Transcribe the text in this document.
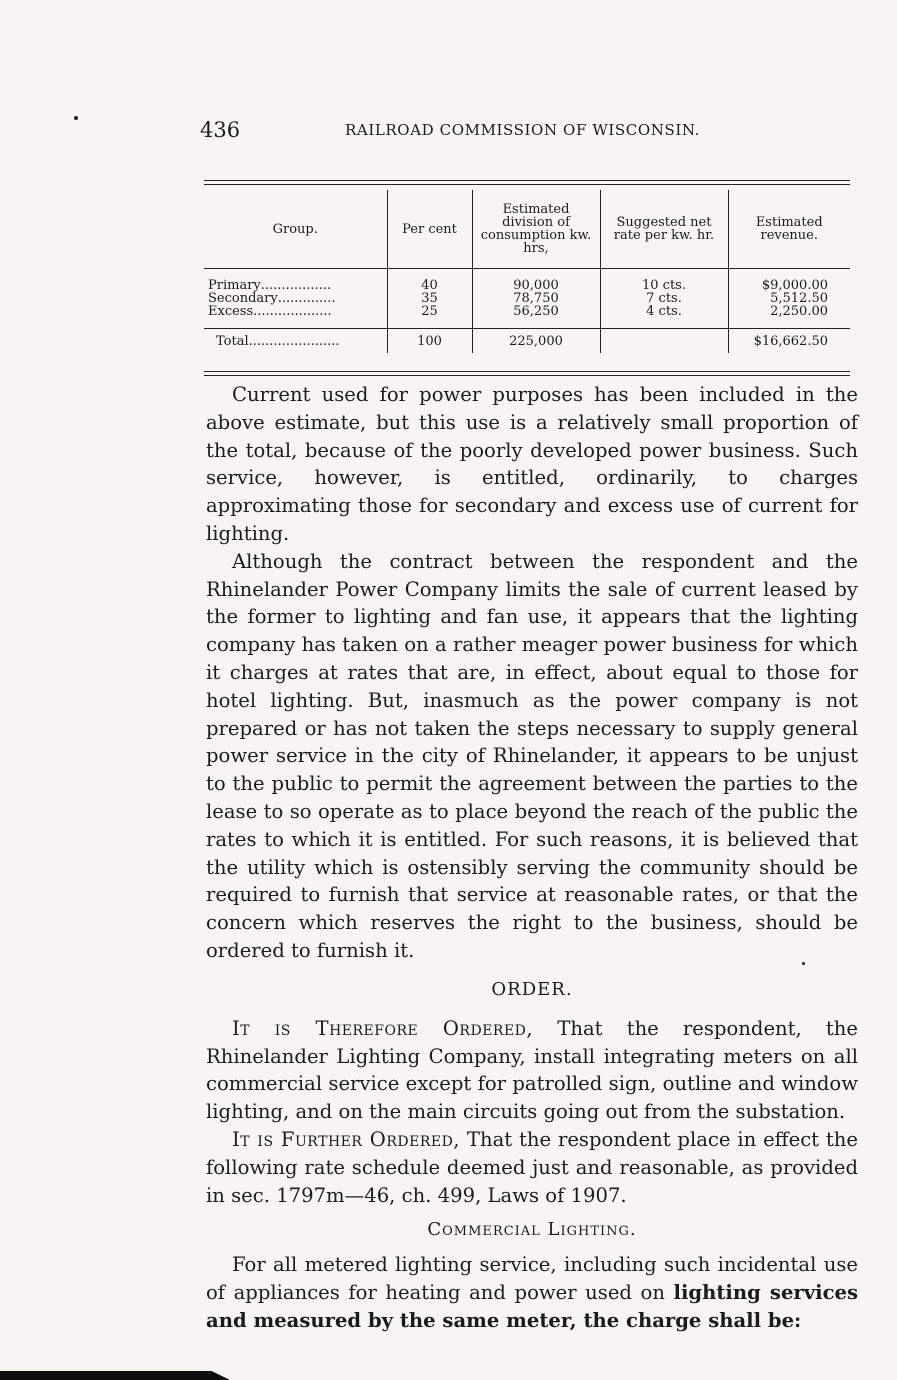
436	RAILROAD COMMISSION OF WISCONSIN.
Group.	Per cent	Estimated division of consumption kw. hrs,	Suggested net rate per kw. hr.	Estimated revenue.

Primary.................	40	90,000	10 cts.	$9,000.00
Secondary..............	35	78,750	7 cts.	5,512.50
Excess...................	25	56,250	4 cts.	2,250.00

Total......................	100	225,000		$16,662.50

Current used for power purposes has been included in the above estimate, but this use is a relatively small proportion of the total, because of the poorly developed power business. Such service, however, is entitled, ordinarily, to charges approximating those for secondary and excess use of current for lighting.

Although the contract between the respondent and the Rhinelander Power Company limits the sale of current leased by the former to lighting and fan use, it appears that the lighting company has taken on a rather meager power business for which it charges at rates that are, in effect, about equal to those for hotel lighting. But, inasmuch as the power company is not prepared or has not taken the steps necessary to supply general power service in the city of Rhinelander, it appears to be unjust to the public to permit the agreement between the parties to the lease to so operate as to place beyond the reach of the public the rates to which it is entitled. For such reasons, it is believed that the utility which is ostensibly serving the community should be required to furnish that service at reasonable rates, or that the concern which reserves the right to the business, should be ordered to furnish it.

ORDER.

It is Therefore Ordered, That the respondent, the Rhinelander Lighting Company, install integrating meters on all commercial service except for patrolled sign, outline and window lighting, and on the main circuits going out from the substation.

It is Further Ordered, That the respondent place in effect the following rate schedule deemed just and reasonable, as provided in sec. 1797m—46, ch. 499, Laws of 1907.

Commercial Lighting.

For all metered lighting service, including such incidental use of appliances for heating and power used on lighting services and measured by the same meter, the charge shall be:
